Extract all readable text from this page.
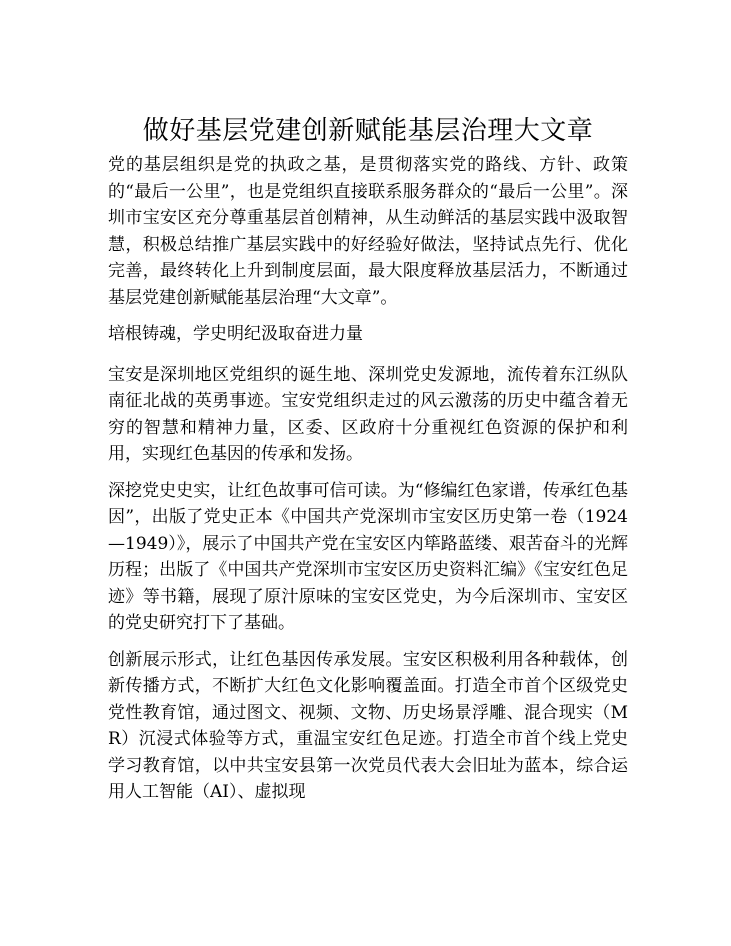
做好基层党建创新赋能基层治理大文章

党的基层组织是党的执政之基，是贯彻落实党的路线、方针、政策的“最后一公里”，也是党组织直接联系服务群众的“最后一公里”。深圳市宝安区充分尊重基层首创精神，从生动鲜活的基层实践中汲取智慧，积极总结推广基层实践中的好经验好做法，坚持试点先行、优化完善，最终转化上升到制度层面，最大限度释放基层活力，不断通过基层党建创新赋能基层治理“大文章”。

培根铸魂，学史明纪汲取奋进力量

宝安是深圳地区党组织的诞生地、深圳党史发源地，流传着东江纵队南征北战的英勇事迹。宝安党组织走过的风云激荡的历史中蕴含着无穷的智慧和精神力量，区委、区政府十分重视红色资源的保护和利用，实现红色基因的传承和发扬。

深挖党史史实，让红色故事可信可读。为“修编红色家谱，传承红色基因”，出版了党史正本《中国共产党深圳市宝安区历史第一卷（1924—1949）》，展示了中国共产党在宝安区内筚路蓝缕、艰苦奋斗的光辉历程；出版了《中国共产党深圳市宝安区历史资料汇编》《宝安红色足迹》等书籍，展现了原汁原味的宝安区党史，为今后深圳市、宝安区的党史研究打下了基础。

创新展示形式，让红色基因传承发展。宝安区积极利用各种载体，创新传播方式，不断扩大红色文化影响覆盖面。打造全市首个区级党史党性教育馆，通过图文、视频、文物、历史场景浮雕、混合现实（MR）沉浸式体验等方式，重温宝安红色足迹。打造全市首个线上党史学习教育馆，以中共宝安县第一次党员代表大会旧址为蓝本，综合运用人工智能（AI）、虚拟现
